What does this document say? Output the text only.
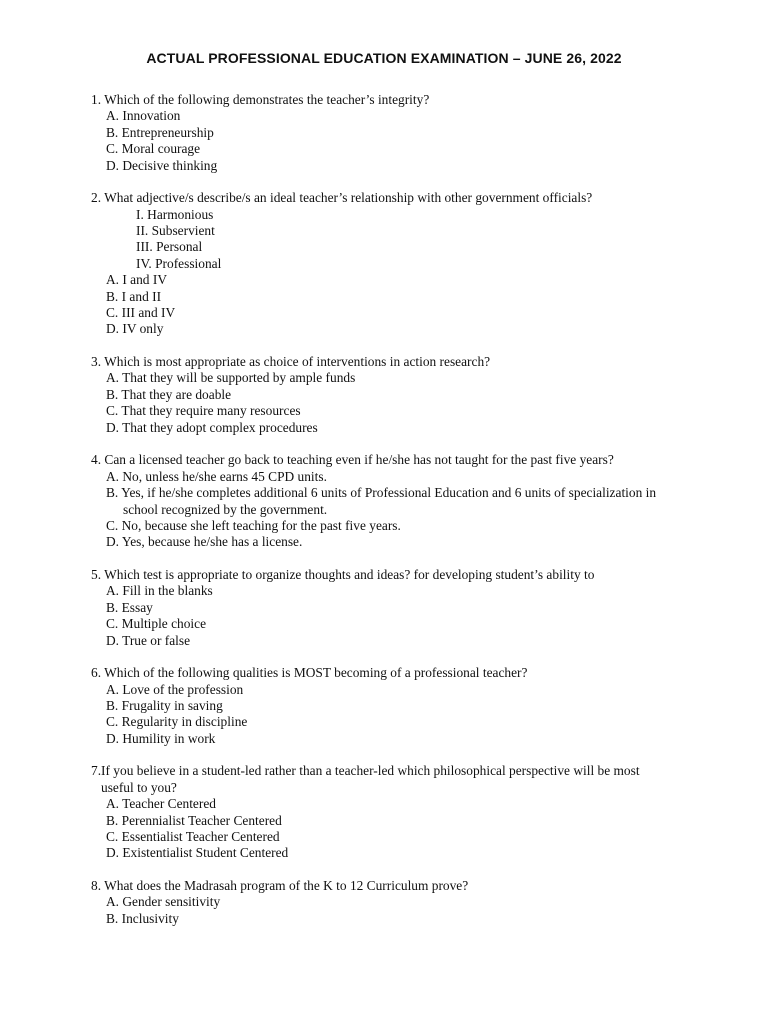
ACTUAL PROFESSIONAL EDUCATION EXAMINATION – JUNE 26, 2022
1. Which of the following demonstrates the teacher’s integrity?
A. Innovation
B. Entrepreneurship
C. Moral courage
D. Decisive thinking
2. What adjective/s describe/s an ideal teacher’s relationship with other government officials?
I. Harmonious
II. Subservient
III. Personal
IV. Professional
A. I and IV
B. I and II
C. III and IV
D. IV only
3. Which is most appropriate as choice of interventions in action research?
A. That they will be supported by ample funds
B. That they are doable
C. That they require many resources
D. That they adopt complex procedures
4. Can a licensed teacher go back to teaching even if he/she has not taught for the past five years?
A. No, unless he/she earns 45 CPD units.
B. Yes, if he/she completes additional 6 units of Professional Education and 6 units of specialization in
school recognized by the government.
C. No, because she left teaching for the past five years.
D. Yes, because he/she has a license.
5. Which test is appropriate to organize thoughts and ideas? for developing student’s ability to
A. Fill in the blanks
B. Essay
C. Multiple choice
D. True or false
6. Which of the following qualities is MOST becoming of a professional teacher?
A. Love of the profession
B. Frugality in saving
C. Regularity in discipline
D. Humility in work
7.If you believe in a student-led rather than a teacher-led which philosophical perspective will be most
useful to you?
A. Teacher Centered
B. Perennialist Teacher Centered
C. Essentialist Teacher Centered
D. Existentialist Student Centered
8. What does the Madrasah program of the K to 12 Curriculum prove?
A. Gender sensitivity
B. Inclusivity
